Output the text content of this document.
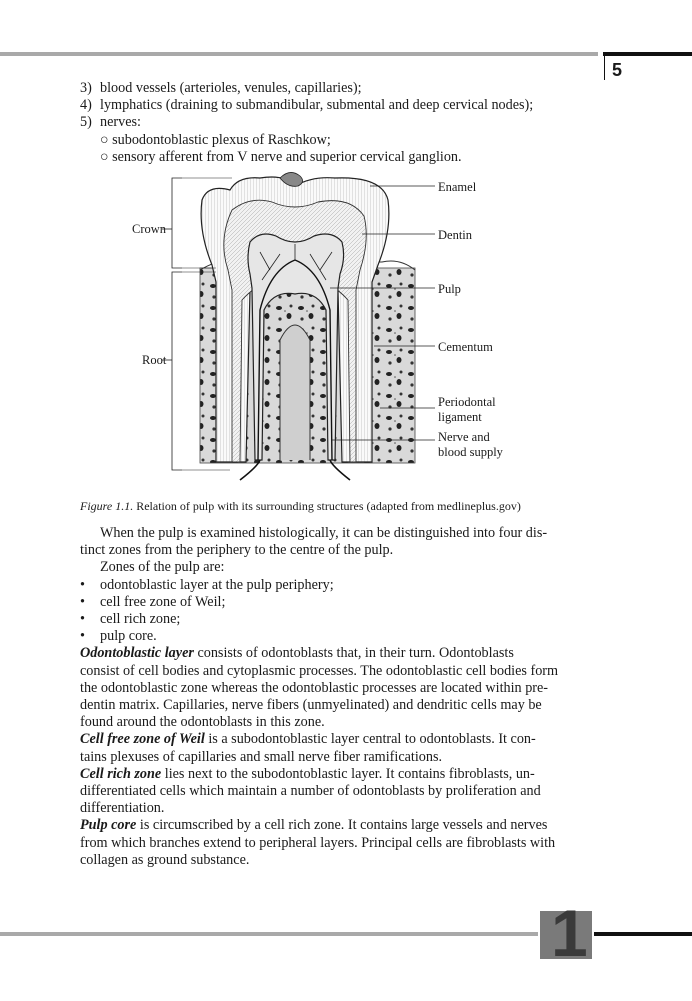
5
3) blood vessels (arterioles, venules, capillaries);
4) lymphatics (draining to submandibular, submental and deep cervical nodes);
5) nerves:
○ subodontoblastic plexus of Raschkow;
○ sensory afferent from V nerve and superior cervical ganglion.
Crown
Root
Enamel
Dentin
Pulp
Cementum
Periodontal
ligament
Nerve and
blood supply
Figure 1.1. Relation of pulp with its surrounding structures (adapted from medlineplus.gov)
When the pulp is examined histologically, it can be distinguished into four dis-
tinct zones from the periphery to the centre of the pulp.
Zones of the pulp are:
• odontoblastic layer at the pulp periphery;
• cell free zone of Weil;
• cell rich zone;
• pulp core.
Odontoblastic layer consists of odontoblasts that, in their turn. Odontoblasts
consist of cell bodies and cytoplasmic processes. The odontoblastic cell bodies form
the odontoblastic zone whereas the odontoblastic processes are located within pre-
dentin matrix. Capillaries, nerve fibers (unmyelinated) and dendritic cells may be
found around the odontoblasts in this zone.
Cell free zone of Weil is a subodontoblastic layer central to odontoblasts. It con-
tains plexuses of capillaries and small nerve fiber ramifications.
Cell rich zone lies next to the subodontoblastic layer. It contains fibroblasts, un-
differentiated cells which maintain a number of odontoblasts by proliferation and
differentiation.
Pulp core is circumscribed by a cell rich zone. It contains large vessels and nerves
from which branches extend to peripheral layers. Principal cells are fibroblasts with
collagen as ground substance.
1
